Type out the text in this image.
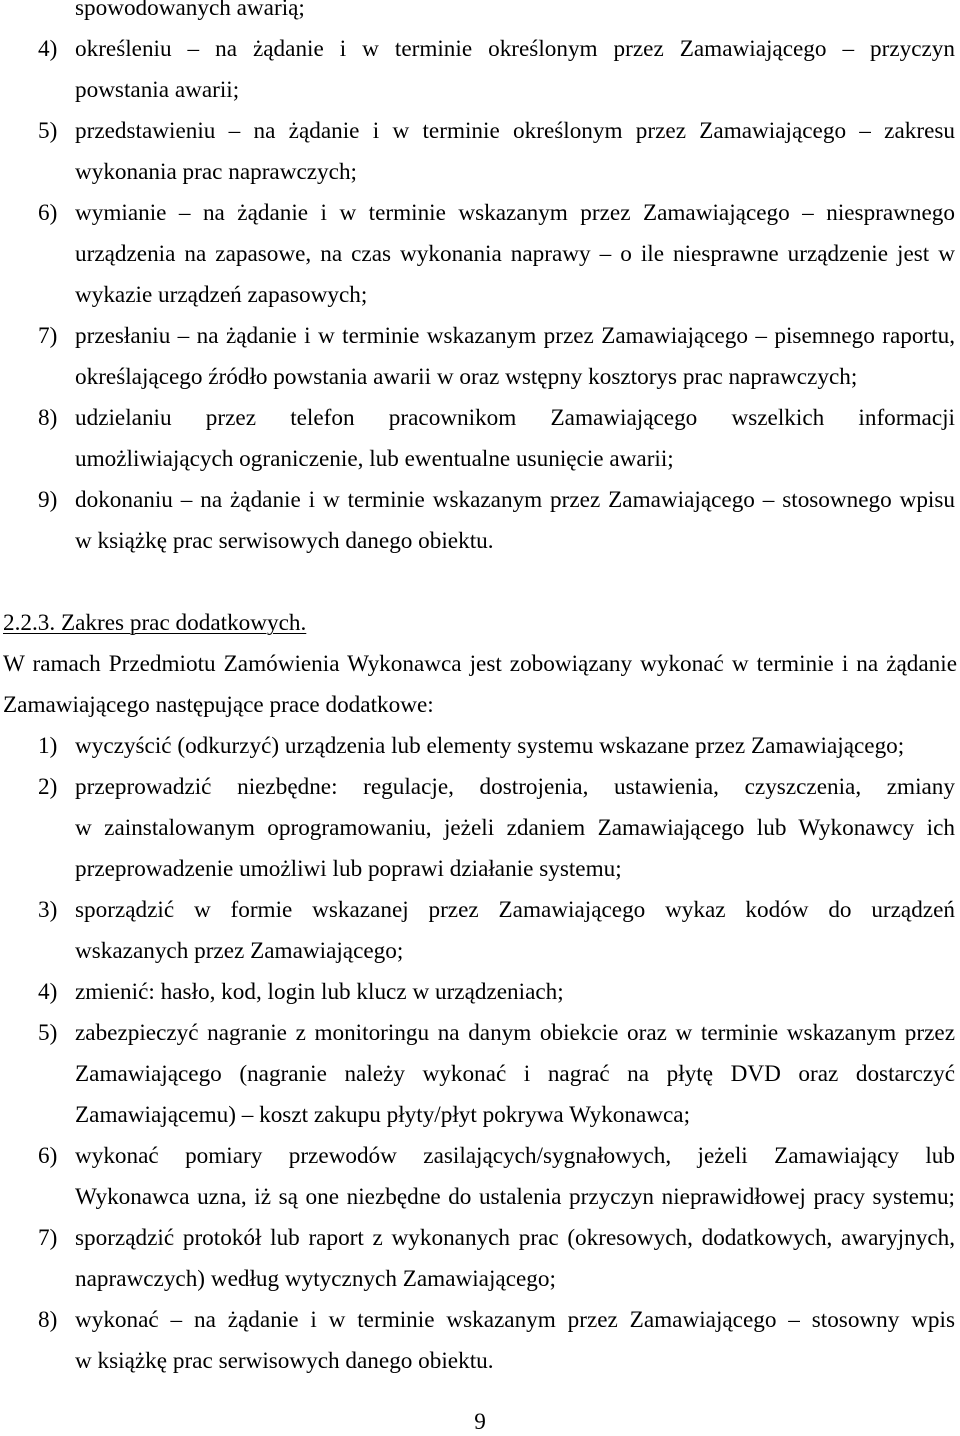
spowodowanych awarią;
4) określeniu – na żądanie i w terminie określonym przez Zamawiającego – przyczyn
powstania awarii;
5) przedstawieniu – na żądanie i w terminie określonym przez Zamawiającego – zakresu
wykonania prac naprawczych;
6) wymianie – na żądanie i w terminie wskazanym przez Zamawiającego – niesprawnego
urządzenia na zapasowe, na czas wykonania naprawy – o ile niesprawne urządzenie jest w
wykazie urządzeń zapasowych;
7) przesłaniu – na żądanie i w terminie wskazanym przez Zamawiającego – pisemnego raportu,
określającego źródło powstania awarii w oraz wstępny kosztorys prac naprawczych;
8) udzielaniu przez telefon pracownikom Zamawiającego wszelkich informacji
umożliwiających ograniczenie, lub ewentualne usunięcie awarii;
9) dokonaniu – na żądanie i w terminie wskazanym przez Zamawiającego – stosownego wpisu
w książkę prac serwisowych danego obiektu.
2.2.3. Zakres prac dodatkowych.
W ramach Przedmiotu Zamówienia Wykonawca jest zobowiązany wykonać w terminie i na żądanie
Zamawiającego następujące prace dodatkowe:
1) wyczyścić (odkurzyć) urządzenia lub elementy systemu wskazane przez Zamawiającego;
2) przeprowadzić niezbędne: regulacje, dostrojenia, ustawienia, czyszczenia, zmiany
w zainstalowanym oprogramowaniu, jeżeli zdaniem Zamawiającego lub Wykonawcy ich
przeprowadzenie umożliwi lub poprawi działanie systemu;
3) sporządzić w formie wskazanej przez Zamawiającego wykaz kodów do urządzeń
wskazanych przez Zamawiającego;
4) zmienić: hasło, kod, login lub klucz w urządzeniach;
5) zabezpieczyć nagranie z monitoringu na danym obiekcie oraz w terminie wskazanym przez
Zamawiającego (nagranie należy wykonać i nagrać na płytę DVD oraz dostarczyć
Zamawiającemu) – koszt zakupu płyty/płyt pokrywa Wykonawca;
6) wykonać pomiary przewodów zasilających/sygnałowych, jeżeli Zamawiający lub
Wykonawca uzna, iż są one niezbędne do ustalenia przyczyn nieprawidłowej pracy systemu;
7) sporządzić protokół lub raport z wykonanych prac (okresowych, dodatkowych, awaryjnych,
naprawczych) według wytycznych Zamawiającego;
8) wykonać – na żądanie i w terminie wskazanym przez Zamawiającego – stosowny wpis
w książkę prac serwisowych danego obiektu.
9
